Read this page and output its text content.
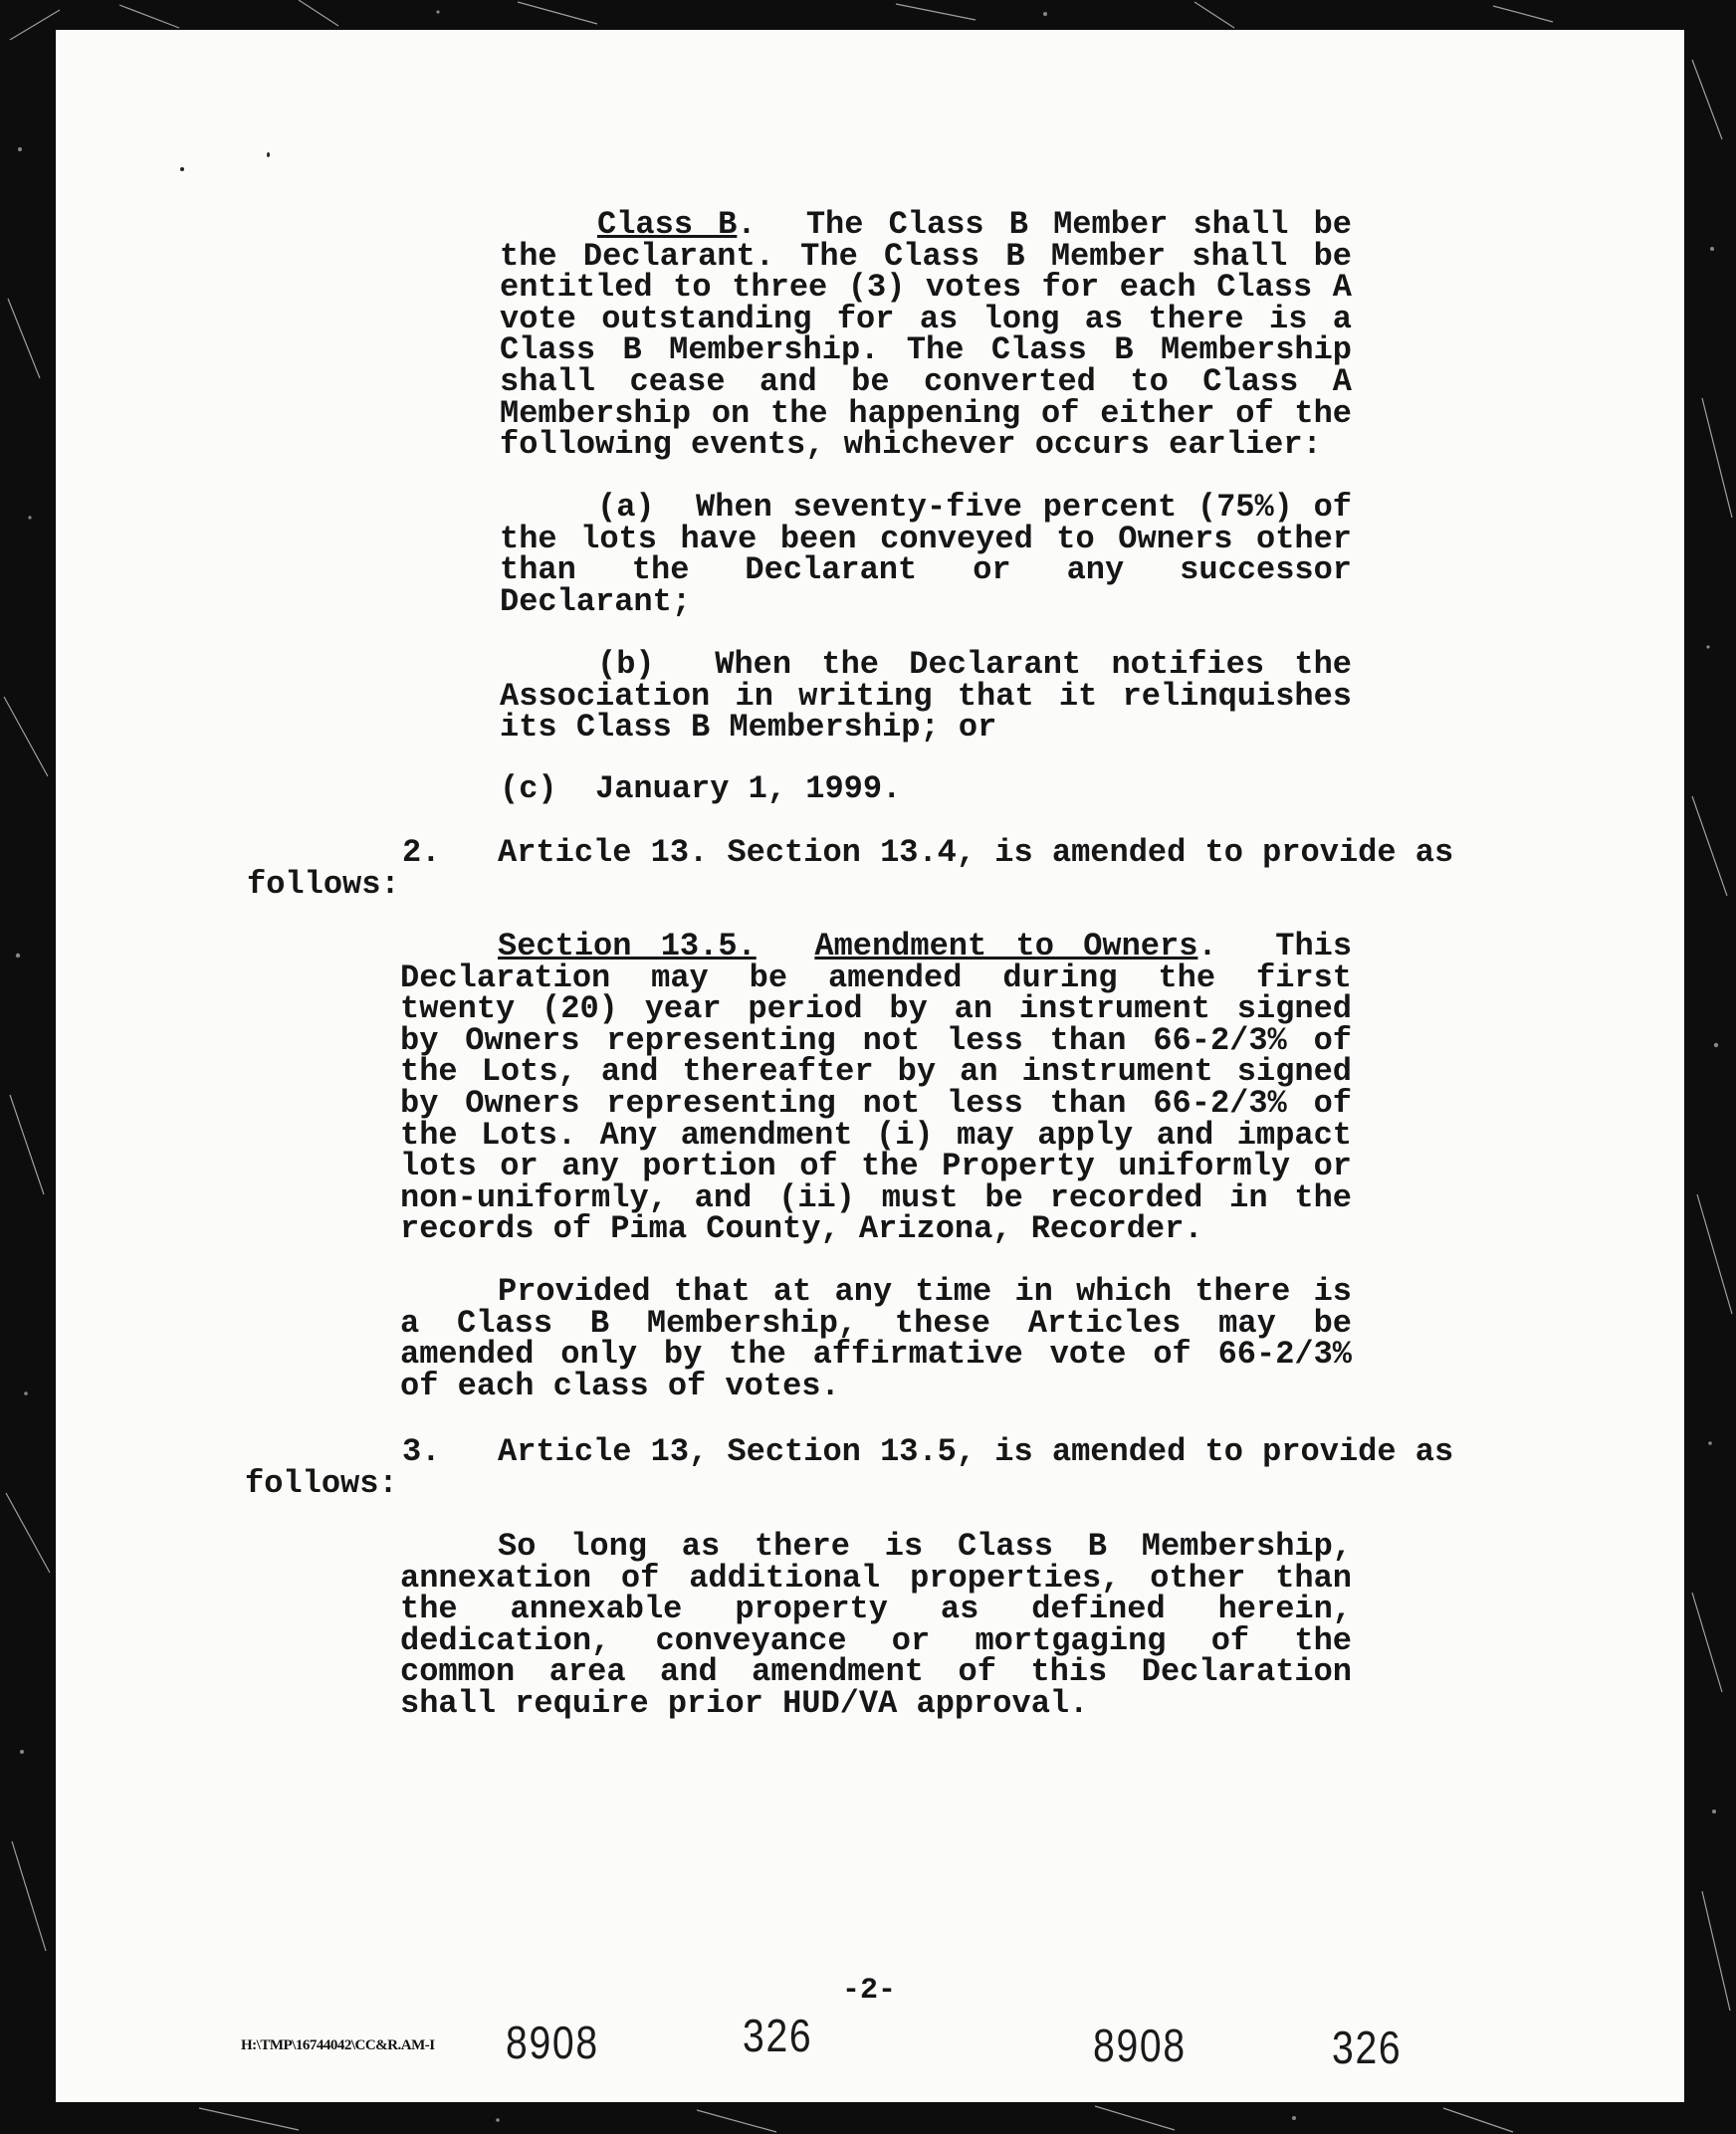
Class B. The Class B Member shall be the Declarant. The Class B Member shall be entitled to three (3) votes for each Class A vote outstanding for as long as there is a Class B Membership. The Class B Membership shall cease and be converted to Class A Membership on the happening of either of the following events, whichever occurs earlier:
(a) When seventy-five percent (75%) of the lots have been conveyed to Owners other than the Declarant or any successor Declarant;
(b) When the Declarant notifies the Association in writing that it relinquishes its Class B Membership; or
(c) January 1, 1999.
2. Article 13. Section 13.4, is amended to provide as
follows:
Section 13.5. Amendment to Owners. This Declaration may be amended during the first twenty (20) year period by an instrument signed by Owners representing not less than 66-2/3% of the Lots, and thereafter by an instrument signed by Owners representing not less than 66-2/3% of the Lots. Any amendment (i) may apply and impact lots or any portion of the Property uniformly or non-uniformly, and (ii) must be recorded in the records of Pima County, Arizona, Recorder.
Provided that at any time in which there is a Class B Membership, these Articles may be amended only by the affirmative vote of 66-2/3% of each class of votes.
3. Article 13, Section 13.5, is amended to provide as
follows:
So long as there is Class B Membership, annexation of additional properties, other than the annexable property as defined herein, dedication, conveyance or mortgaging of the common area and amendment of this Declaration shall require prior HUD/VA approval.
-2-
H:\TMP\16744042\CC&R.AM-I 8908	326	8908	326
